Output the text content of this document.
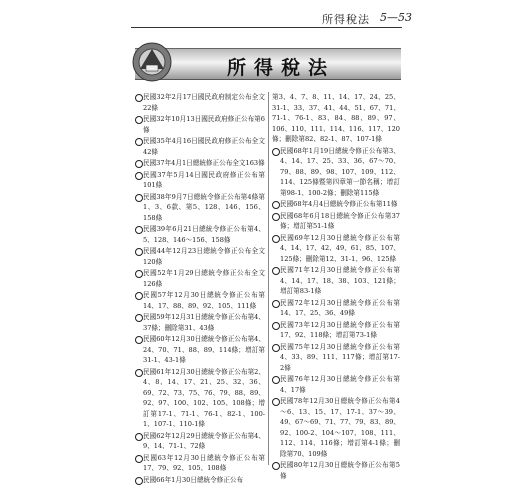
所得稅法 5—53
所得稅法
民國32年2月17日國民政府制定公布全文22條
民國32年10月13日國民政府修正公布第6條
民國35年4月16日國民政府修正公布全文42條
民國37年4月1日總統修正公布全文163條
民國37年5月14日國民政府修正公布第101條
民國38年9月7日總統令修正公布第4條第1、3、6款、第5、128、146、156、158條
民國39年6月21日總統令修正公布第4、5、128、146～156、158條
民國44年12月23日總統令修正公布全文120條
民國52年1月29日總統令修正公布全文126條
民國57年12月30日總統令修正公布第14、17、88、89、92、105、111條
民國59年12月31日總統令修正公布第4、37條；刪除第31、43條
民國60年12月30日總統令修正公布第4、24、70、71、88、89、114條；增訂第31-1、43-1條
民國61年12月30日總統令修正公布第2、4、8、14、17、21、25、32、36、69、72、73、75、76、79、88、89、92、97、100、102、105、108條；增訂第17-1、71-1、76-1、82-1、100-1、107-1、110-1條
民國62年12月29日總統令修正公布第4、9、14、71-1、72條
民國63年12月30日總統令修正公布第17、79、92、105、108條
民國66年1月30日總統令修正公布
第3、4、7、8、11、14、17、24、25、31-1、33、37、41、44、51、67、71、71-1、76-1、83、84、88、89、97、106、110、111、114、116、117、120條；刪除第82、82-1、87、107-1條
民國68年1月19日總統令修正公布第3、4、14、17、25、33、36、67～70、79、88、89、98、107、109、112、114、125條暨第四章第一節名稱；增訂第98-1、100-2條；刪除第115條
民國68年4月4日總統令修正公布第11條
民國68年6月18日總統令修正公布第37條；增訂第51-1條
民國69年12月30日總統令修正公布第4、14、17、42、49、61、85、107、125條；刪除第12、31-1、96、125條
民國71年12月30日總統令修正公布第4、14、17、18、38、103、121條；增訂第83-1條
民國72年12月30日總統令修正公布第14、17、25、36、49條
民國73年12月30日總統令修正公布第17、92、118條；增訂第73-1條
民國75年12月30日總統令修正公布第4、33、89、111、117條；增訂第17-2條
民國76年12月30日總統令修正公布第4、17條
民國78年12月30日總統令修正公布第4～6、13、15、17、17-1、37～39、49、67～69、71、77、79、83、89、92、100-2、104～107、108、111、112、114、116條；增訂第4-1條；刪除第70、109條
民國80年12月30日總統令修正公布第5條
